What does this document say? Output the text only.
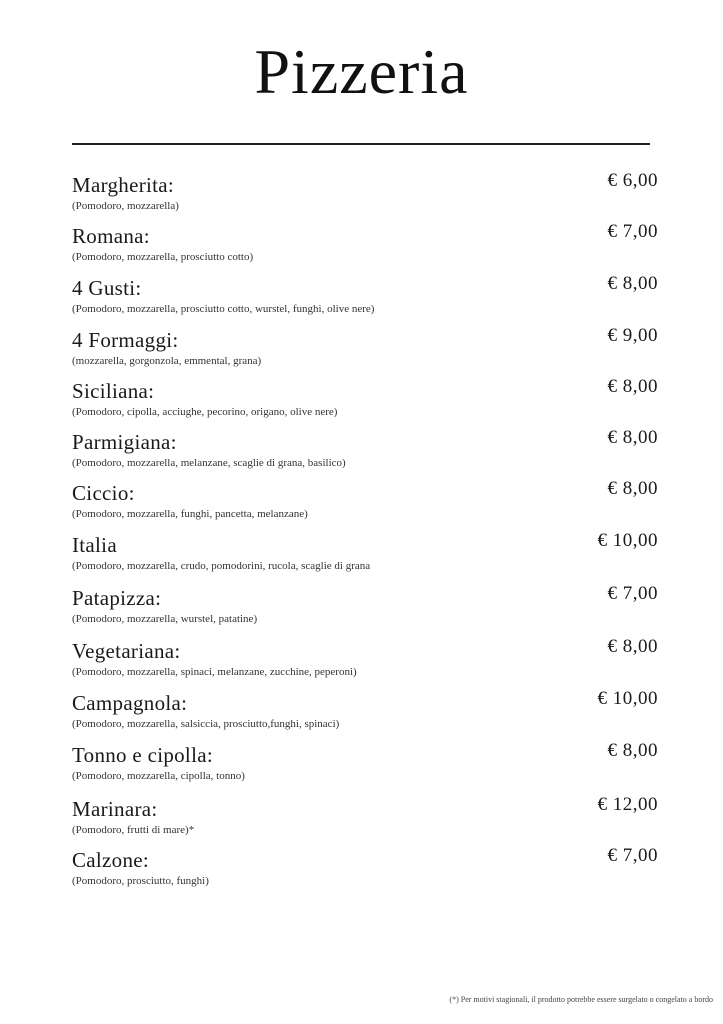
Pizzeria
Margherita:
(Pomodoro, mozzarella)
€ 6,00
Romana:
(Pomodoro, mozzarella, prosciutto cotto)
€ 7,00
4 Gusti:
(Pomodoro, mozzarella, prosciutto cotto, wurstel, funghi, olive nere)
€ 8,00
4 Formaggi:
(mozzarella, gorgonzola, emmental, grana)
€ 9,00
Siciliana:
(Pomodoro, cipolla, acciughe, pecorino, origano, olive nere)
€ 8,00
Parmigiana:
(Pomodoro, mozzarella, melanzane, scaglie di grana, basilico)
€ 8,00
Ciccio:
(Pomodoro, mozzarella, funghi, pancetta, melanzane)
€ 8,00
Italia
(Pomodoro, mozzarella, crudo, pomodorini, rucola, scaglie di grana
€ 10,00
Patapizza:
(Pomodoro, mozzarella, wurstel, patatine)
€ 7,00
Vegetariana:
(Pomodoro, mozzarella, spinaci, melanzane, zucchine, peperoni)
€ 8,00
Campagnola:
(Pomodoro, mozzarella, salsiccia, prosciutto,funghi, spinaci)
€ 10,00
Tonno e cipolla:
(Pomodoro, mozzarella, cipolla, tonno)
€ 8,00
Marinara:
(Pomodoro, frutti di mare)*
€ 12,00
Calzone:
(Pomodoro, prosciutto, funghi)
€ 7,00
(*) Per motivi stagionali, il prodotto potrebbe essere surgelato o congelato a bordo
